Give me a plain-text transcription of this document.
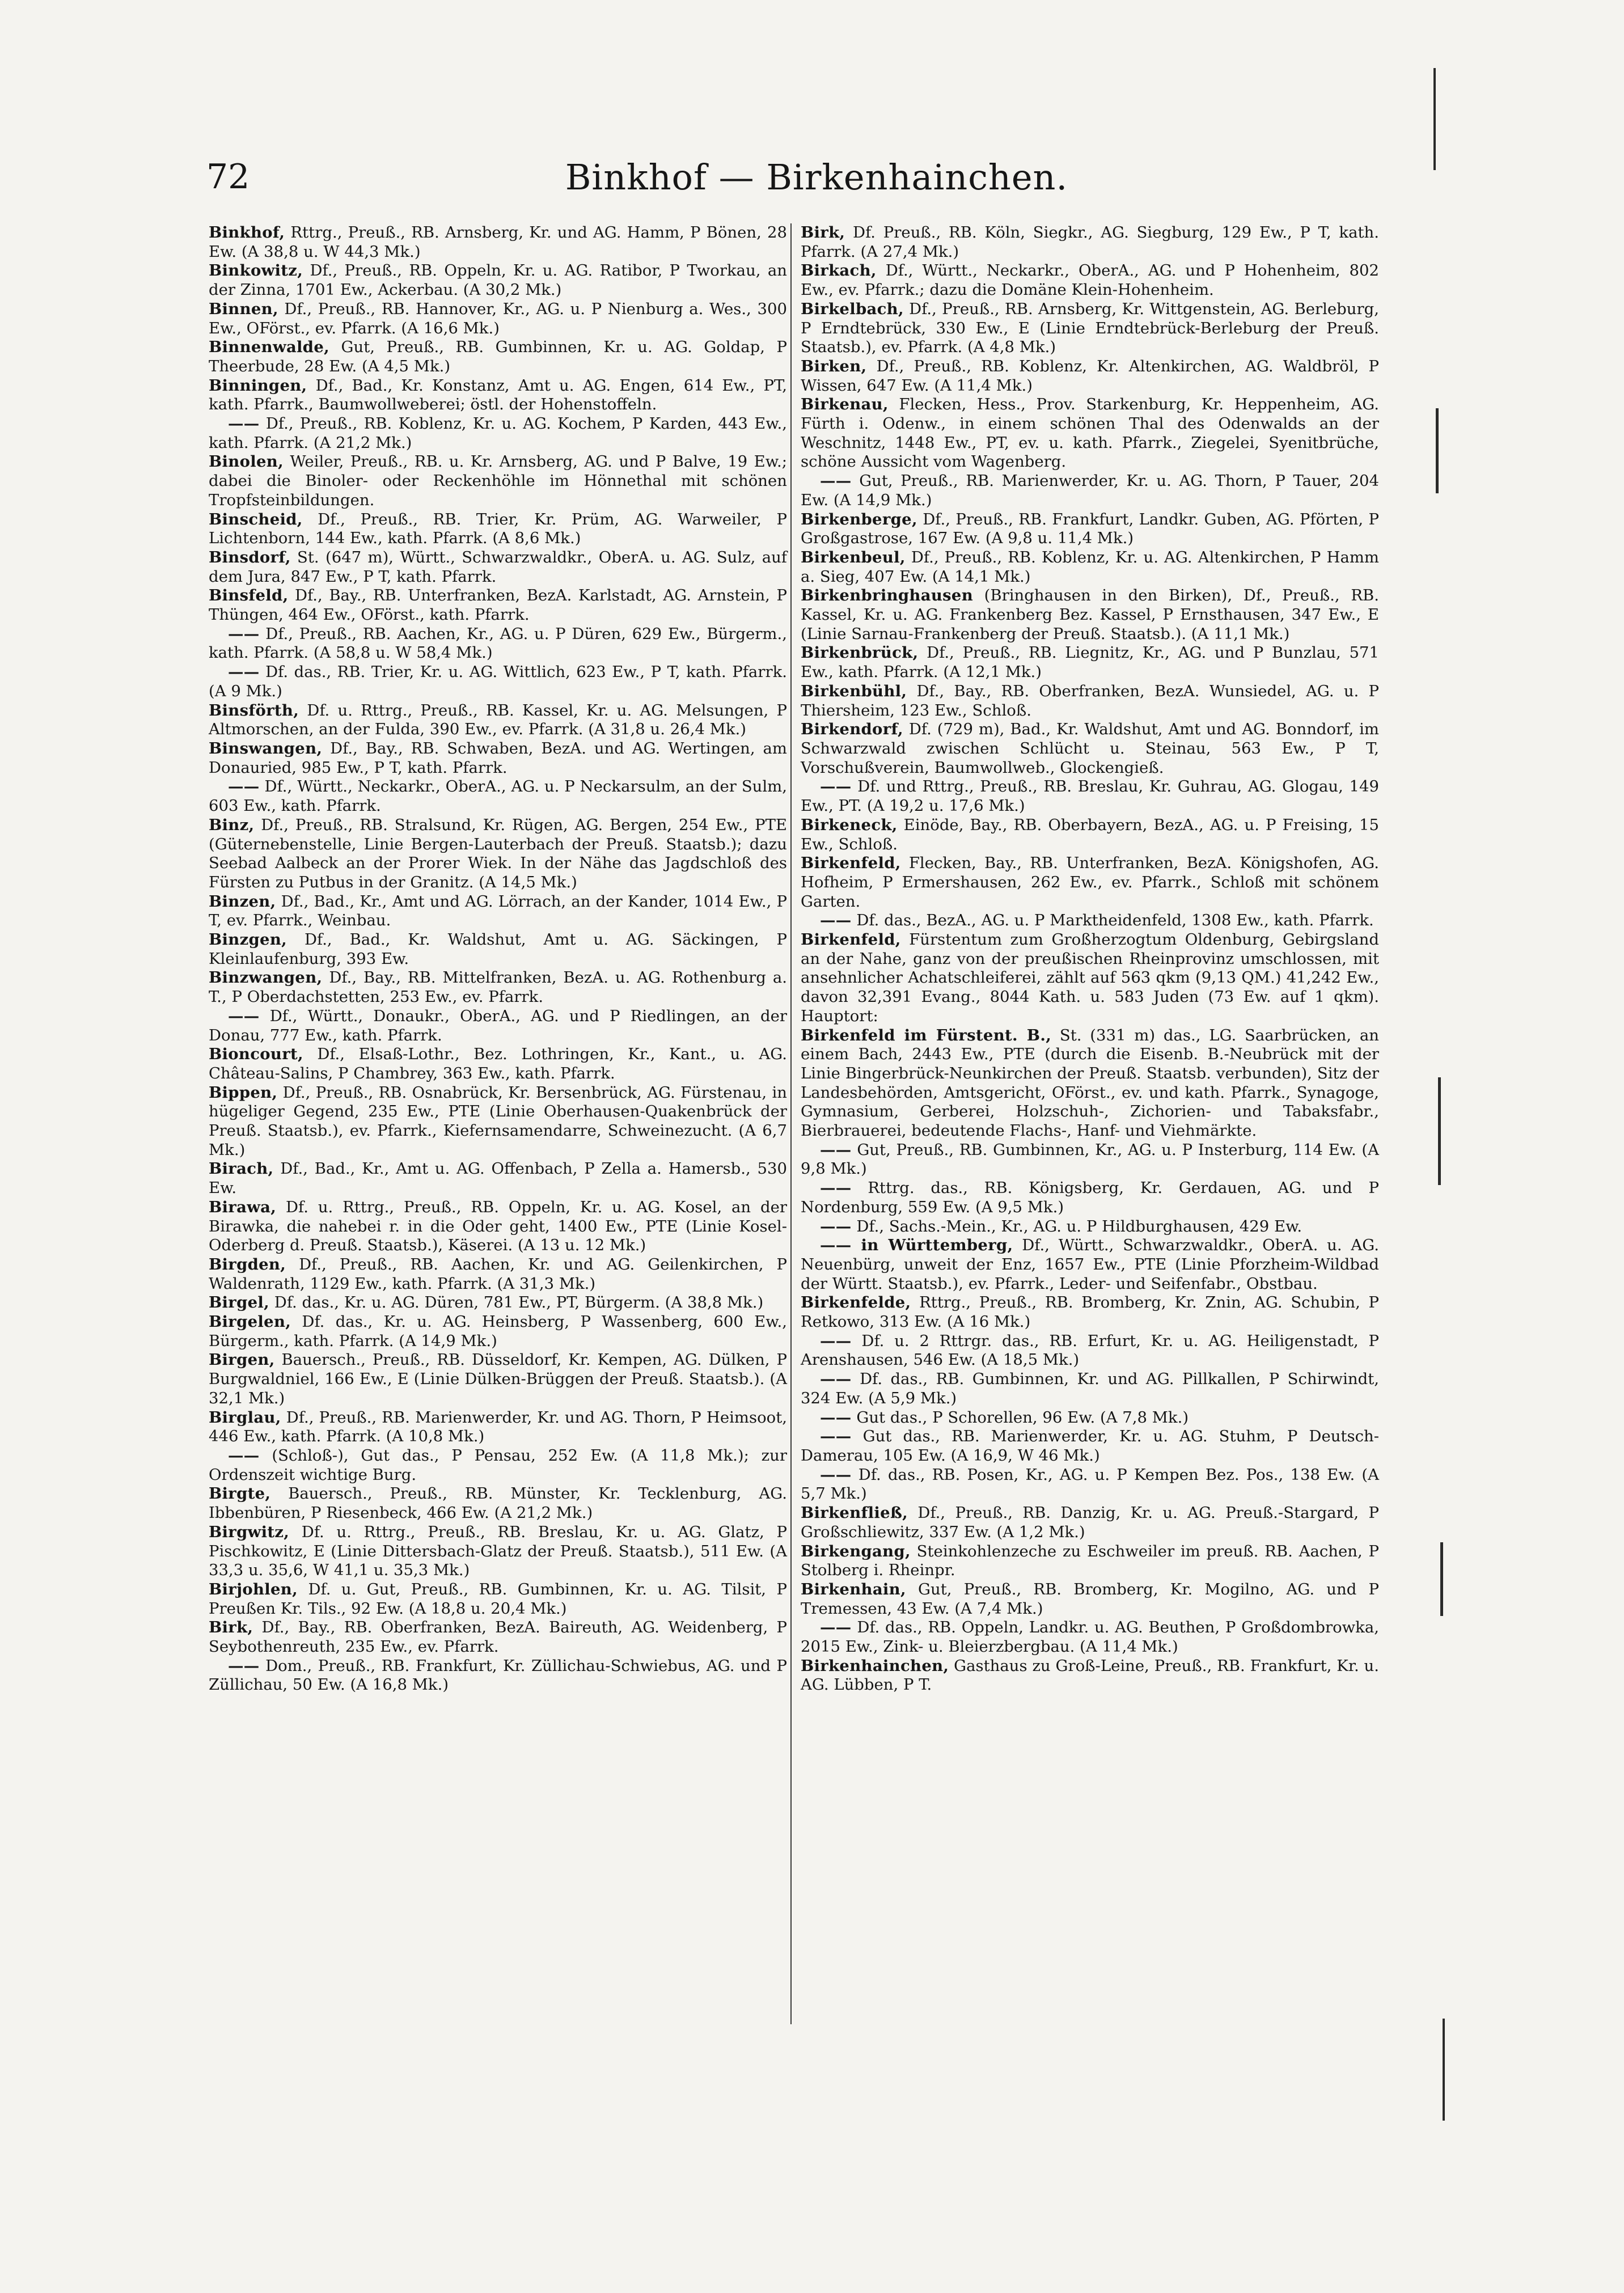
72	Binkhof — Birkenhainchen.

Binkhof, Rttrg., Preuß., RB. Arnsberg, Kr. und AG. Hamm, P Bönen, 28 Ew. (A 38,8 u. W 44,3 Mk.)

Binkowitz, Df., Preuß., RB. Oppeln, Kr. u. AG. Ratibor, P Tworkau, an der Zinna, 1701 Ew., Ackerbau. (A 30,2 Mk.)

Binnen, Df., Preuß., RB. Hannover, Kr., AG. u. P Nienburg a. Wes., 300 Ew., OFörst., ev. Pfarrk. (A 16,6 Mk.)

Binnenwalde, Gut, Preuß., RB. Gumbinnen, Kr. u. AG. Goldap, P Theerbude, 28 Ew. (A 4,5 Mk.)

Binningen, Df., Bad., Kr. Konstanz, Amt u. AG. Engen, 614 Ew., PT, kath. Pfarrk., Baumwollweberei; östl. der Hohenstoffeln.

—— Df., Preuß., RB. Koblenz, Kr. u. AG. Kochem, P Karden, 443 Ew., kath. Pfarrk. (A 21,2 Mk.)

Binolen, Weiler, Preuß., RB. u. Kr. Arnsberg, AG. und P Balve, 19 Ew.; dabei die Binoler- oder Reckenhöhle im Hönnethal mit schönen Tropfsteinbildungen.

Binscheid, Df., Preuß., RB. Trier, Kr. Prüm, AG. Warweiler, P Lichtenborn, 144 Ew., kath. Pfarrk. (A 8,6 Mk.)

Binsdorf, St. (647 m), Württ., Schwarzwaldkr., OberA. u. AG. Sulz, auf dem Jura, 847 Ew., P T, kath. Pfarrk.

Binsfeld, Df., Bay., RB. Unterfranken, BezA. Karlstadt, AG. Arnstein, P Thüngen, 464 Ew., OFörst., kath. Pfarrk.

—— Df., Preuß., RB. Aachen, Kr., AG. u. P Düren, 629 Ew., Bürgerm., kath. Pfarrk. (A 58,8 u. W 58,4 Mk.)

—— Df. das., RB. Trier, Kr. u. AG. Wittlich, 623 Ew., P T, kath. Pfarrk. (A 9 Mk.)

Binsförth, Df. u. Rttrg., Preuß., RB. Kassel, Kr. u. AG. Melsungen, P Altmorschen, an der Fulda, 390 Ew., ev. Pfarrk. (A 31,8 u. 26,4 Mk.)

Binswangen, Df., Bay., RB. Schwaben, BezA. und AG. Wertingen, am Donauried, 985 Ew., P T, kath. Pfarrk.

—— Df., Württ., Neckarkr., OberA., AG. u. P Neckarsulm, an der Sulm, 603 Ew., kath. Pfarrk.

Binz, Df., Preuß., RB. Stralsund, Kr. Rügen, AG. Bergen, 254 Ew., PTE (Güternebenstelle, Linie Bergen-Lauterbach der Preuß. Staatsb.); dazu Seebad Aalbeck an der Prorer Wiek. In der Nähe das Jagdschloß des Fürsten zu Putbus in der Granitz. (A 14,5 Mk.)

Binzen, Df., Bad., Kr., Amt und AG. Lörrach, an der Kander, 1014 Ew., P T, ev. Pfarrk., Weinbau.

Binzgen, Df., Bad., Kr. Waldshut, Amt u. AG. Säckingen, P Kleinlaufenburg, 393 Ew.

Binzwangen, Df., Bay., RB. Mittelfranken, BezA. u. AG. Rothenburg a. T., P Oberdachstetten, 253 Ew., ev. Pfarrk.

—— Df., Württ., Donaukr., OberA., AG. und P Riedlingen, an der Donau, 777 Ew., kath. Pfarrk.

Bioncourt, Df., Elsaß-Lothr., Bez. Lothringen, Kr., Kant., u. AG. Château-Salins, P Chambrey, 363 Ew., kath. Pfarrk.

Bippen, Df., Preuß., RB. Osnabrück, Kr. Bersenbrück, AG. Fürstenau, in hügeliger Gegend, 235 Ew., PTE (Linie Oberhausen-Quakenbrück der Preuß. Staatsb.), ev. Pfarrk., Kiefernsamendarre, Schweinezucht. (A 6,7 Mk.)

Birach, Df., Bad., Kr., Amt u. AG. Offenbach, P Zella a. Hamersb., 530 Ew.

Birawa, Df. u. Rttrg., Preuß., RB. Oppeln, Kr. u. AG. Kosel, an der Birawka, die nahebei r. in die Oder geht, 1400 Ew., PTE (Linie Kosel-Oderberg d. Preuß. Staatsb.), Käserei. (A 13 u. 12 Mk.)

Birgden, Df., Preuß., RB. Aachen, Kr. und AG. Geilenkirchen, P Waldenrath, 1129 Ew., kath. Pfarrk. (A 31,3 Mk.)

Birgel, Df. das., Kr. u. AG. Düren, 781 Ew., PT, Bürgerm. (A 38,8 Mk.)

Birgelen, Df. das., Kr. u. AG. Heinsberg, P Wassenberg, 600 Ew., Bürgerm., kath. Pfarrk. (A 14,9 Mk.)

Birgen, Bauersch., Preuß., RB. Düsseldorf, Kr. Kempen, AG. Dülken, P Burgwaldniel, 166 Ew., E (Linie Dülken-Brüggen der Preuß. Staatsb.). (A 32,1 Mk.)

Birglau, Df., Preuß., RB. Marienwerder, Kr. und AG. Thorn, P Heimsoot, 446 Ew., kath. Pfarrk. (A 10,8 Mk.)

—— (Schloß-), Gut das., P Pensau, 252 Ew. (A 11,8 Mk.); zur Ordenszeit wichtige Burg.

Birgte, Bauersch., Preuß., RB. Münster, Kr. Tecklenburg, AG. Ibbenbüren, P Riesenbeck, 466 Ew. (A 21,2 Mk.)

Birgwitz, Df. u. Rttrg., Preuß., RB. Breslau, Kr. u. AG. Glatz, P Pischkowitz, E (Linie Dittersbach-Glatz der Preuß. Staatsb.), 511 Ew. (A 33,3 u. 35,6, W 41,1 u. 35,3 Mk.)

Birjohlen, Df. u. Gut, Preuß., RB. Gumbinnen, Kr. u. AG. Tilsit, P Preußen Kr. Tils., 92 Ew. (A 18,8 u. 20,4 Mk.)

Birk, Df., Bay., RB. Oberfranken, BezA. Baireuth, AG. Weidenberg, P Seybothenreuth, 235 Ew., ev. Pfarrk.

—— Dom., Preuß., RB. Frankfurt, Kr. Züllichau-Schwiebus, AG. und P Züllichau, 50 Ew. (A 16,8 Mk.)

Birk, Df. Preuß., RB. Köln, Siegkr., AG. Siegburg, 129 Ew., P T, kath. Pfarrk. (A 27,4 Mk.)

Birkach, Df., Württ., Neckarkr., OberA., AG. und P Hohenheim, 802 Ew., ev. Pfarrk.; dazu die Domäne Klein-Hohenheim.

Birkelbach, Df., Preuß., RB. Arnsberg, Kr. Wittgenstein, AG. Berleburg, P Erndtebrück, 330 Ew., E (Linie Erndtebrück-Berleburg der Preuß. Staatsb.), ev. Pfarrk. (A 4,8 Mk.)

Birken, Df., Preuß., RB. Koblenz, Kr. Altenkirchen, AG. Waldbröl, P Wissen, 647 Ew. (A 11,4 Mk.)

Birkenau, Flecken, Hess., Prov. Starkenburg, Kr. Heppenheim, AG. Fürth i. Odenw., in einem schönen Thal des Odenwalds an der Weschnitz, 1448 Ew., PT, ev. u. kath. Pfarrk., Ziegelei, Syenitbrüche, schöne Aussicht vom Wagenberg.

—— Gut, Preuß., RB. Marienwerder, Kr. u. AG. Thorn, P Tauer, 204 Ew. (A 14,9 Mk.)

Birkenberge, Df., Preuß., RB. Frankfurt, Landkr. Guben, AG. Pförten, P Großgastrose, 167 Ew. (A 9,8 u. 11,4 Mk.)

Birkenbeul, Df., Preuß., RB. Koblenz, Kr. u. AG. Altenkirchen, P Hamm a. Sieg, 407 Ew. (A 14,1 Mk.)

Birkenbringhausen (Bringhausen in den Birken), Df., Preuß., RB. Kassel, Kr. u. AG. Frankenberg Bez. Kassel, P Ernsthausen, 347 Ew., E (Linie Sarnau-Frankenberg der Preuß. Staatsb.). (A 11,1 Mk.)

Birkenbrück, Df., Preuß., RB. Liegnitz, Kr., AG. und P Bunzlau, 571 Ew., kath. Pfarrk. (A 12,1 Mk.)

Birkenbühl, Df., Bay., RB. Oberfranken, BezA. Wunsiedel, AG. u. P Thiersheim, 123 Ew., Schloß.

Birkendorf, Df. (729 m), Bad., Kr. Waldshut, Amt und AG. Bonndorf, im Schwarzwald zwischen Schlücht u. Steinau, 563 Ew., P T, Vorschußverein, Baumwollweb., Glockengieß.

—— Df. und Rttrg., Preuß., RB. Breslau, Kr. Guhrau, AG. Glogau, 149 Ew., PT. (A 19,2 u. 17,6 Mk.)

Birkeneck, Einöde, Bay., RB. Oberbayern, BezA., AG. u. P Freising, 15 Ew., Schloß.

Birkenfeld, Flecken, Bay., RB. Unterfranken, BezA. Königshofen, AG. Hofheim, P Ermershausen, 262 Ew., ev. Pfarrk., Schloß mit schönem Garten.

—— Df. das., BezA., AG. u. P Marktheidenfeld, 1308 Ew., kath. Pfarrk.

Birkenfeld, Fürstentum zum Großherzogtum Oldenburg, Gebirgsland an der Nahe, ganz von der preußischen Rheinprovinz umschlossen, mit ansehnlicher Achatschleiferei, zählt auf 563 qkm (9,13 QM.) 41,242 Ew., davon 32,391 Evang., 8044 Kath. u. 583 Juden (73 Ew. auf 1 qkm). Hauptort:

Birkenfeld im Fürstent. B., St. (331 m) das., LG. Saarbrücken, an einem Bach, 2443 Ew., PTE (durch die Eisenb. B.-Neubrück mit der Linie Bingerbrück-Neunkirchen der Preuß. Staatsb. verbunden), Sitz der Landesbehörden, Amtsgericht, OFörst., ev. und kath. Pfarrk., Synagoge, Gymnasium, Gerberei, Holzschuh-, Zichorien- und Tabaksfabr., Bierbrauerei, bedeutende Flachs-, Hanf- und Viehmärkte.

—— Gut, Preuß., RB. Gumbinnen, Kr., AG. u. P Insterburg, 114 Ew. (A 9,8 Mk.)

—— Rttrg. das., RB. Königsberg, Kr. Gerdauen, AG. und P Nordenburg, 559 Ew. (A 9,5 Mk.)

—— Df., Sachs.-Mein., Kr., AG. u. P Hildburghausen, 429 Ew.

—— in Württemberg, Df., Württ., Schwarzwaldkr., OberA. u. AG. Neuenbürg, unweit der Enz, 1657 Ew., PTE (Linie Pforzheim-Wildbad der Württ. Staatsb.), ev. Pfarrk., Leder- und Seifenfabr., Obstbau.

Birkenfelde, Rttrg., Preuß., RB. Bromberg, Kr. Znin, AG. Schubin, P Retkowo, 313 Ew. (A 16 Mk.)

—— Df. u. 2 Rttrgr. das., RB. Erfurt, Kr. u. AG. Heiligenstadt, P Arenshausen, 546 Ew. (A 18,5 Mk.)

—— Df. das., RB. Gumbinnen, Kr. und AG. Pillkallen, P Schirwindt, 324 Ew. (A 5,9 Mk.)

—— Gut das., P Schorellen, 96 Ew. (A 7,8 Mk.)

—— Gut das., RB. Marienwerder, Kr. u. AG. Stuhm, P Deutsch-Damerau, 105 Ew. (A 16,9, W 46 Mk.)

—— Df. das., RB. Posen, Kr., AG. u. P Kempen Bez. Pos., 138 Ew. (A 5,7 Mk.)

Birkenfließ, Df., Preuß., RB. Danzig, Kr. u. AG. Preuß.-Stargard, P Großschliewitz, 337 Ew. (A 1,2 Mk.)

Birkengang, Steinkohlenzeche zu Eschweiler im preuß. RB. Aachen, P Stolberg i. Rheinpr.

Birkenhain, Gut, Preuß., RB. Bromberg, Kr. Mogilno, AG. und P Tremessen, 43 Ew. (A 7,4 Mk.)

—— Df. das., RB. Oppeln, Landkr. u. AG. Beuthen, P Großdombrowka, 2015 Ew., Zink- u. Bleierzbergbau. (A 11,4 Mk.)

Birkenhainchen, Gasthaus zu Groß-Leine, Preuß., RB. Frankfurt, Kr. u. AG. Lübben, P T.
